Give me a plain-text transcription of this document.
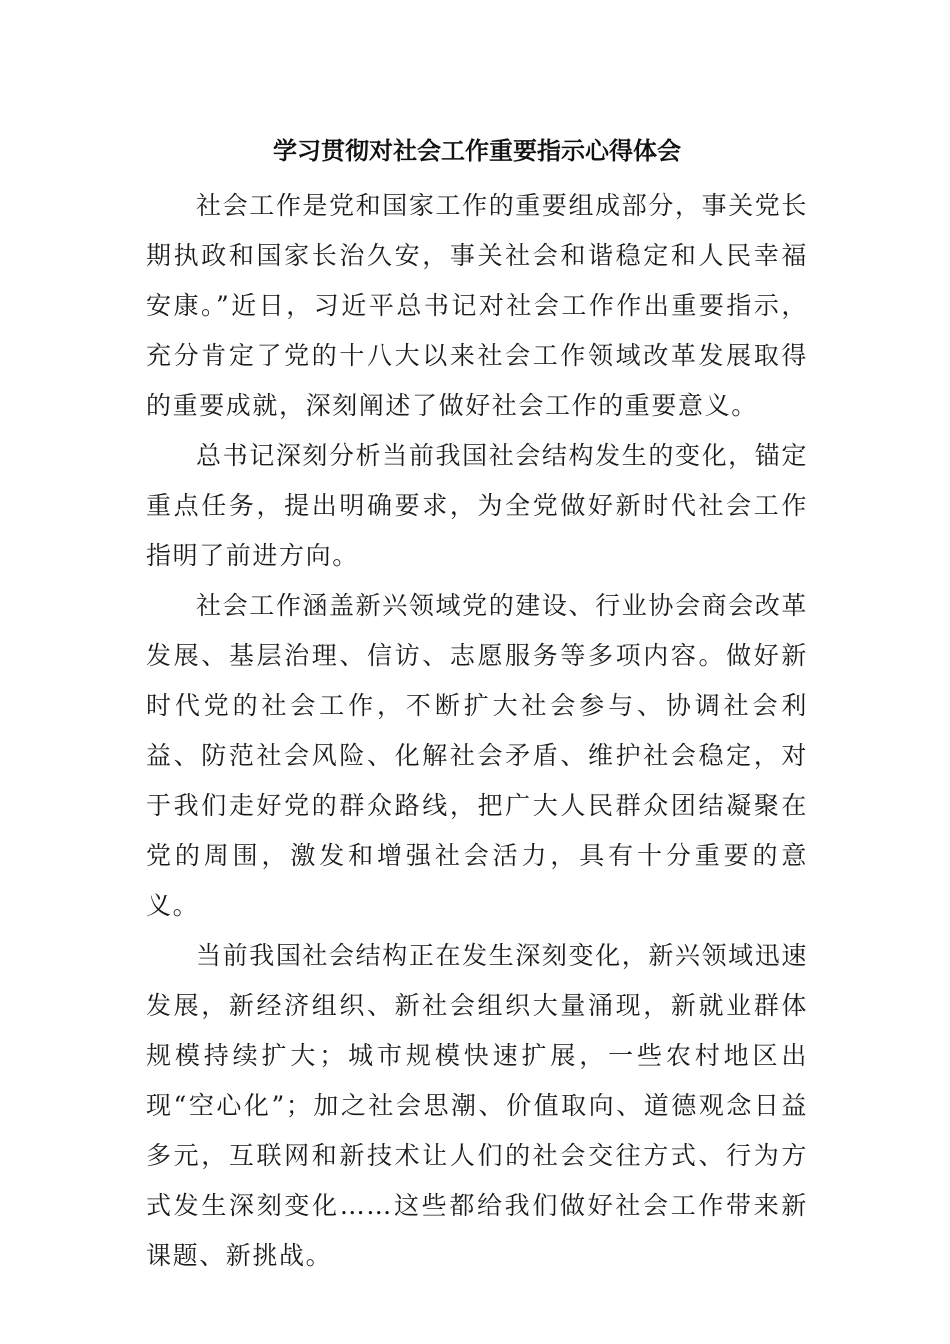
学习贯彻对社会工作重要指示心得体会

社会工作是党和国家工作的重要组成部分，事关党长期执政和国家长治久安，事关社会和谐稳定和人民幸福安康。”近日，习近平总书记对社会工作作出重要指示，充分肯定了党的十八大以来社会工作领域改革发展取得的重要成就，深刻阐述了做好社会工作的重要意义。

总书记深刻分析当前我国社会结构发生的变化，锚定重点任务，提出明确要求，为全党做好新时代社会工作指明了前进方向。

社会工作涵盖新兴领域党的建设、行业协会商会改革发展、基层治理、信访、志愿服务等多项内容。做好新时代党的社会工作，不断扩大社会参与、协调社会利益、防范社会风险、化解社会矛盾、维护社会稳定，对于我们走好党的群众路线，把广大人民群众团结凝聚在党的周围，激发和增强社会活力，具有十分重要的意义。

当前我国社会结构正在发生深刻变化，新兴领域迅速发展，新经济组织、新社会组织大量涌现，新就业群体规模持续扩大；城市规模快速扩展，一些农村地区出现“空心化”；加之社会思潮、价值取向、道德观念日益多元，互联网和新技术让人们的社会交往方式、行为方式发生深刻变化……这些都给我们做好社会工作带来新课题、新挑战。
